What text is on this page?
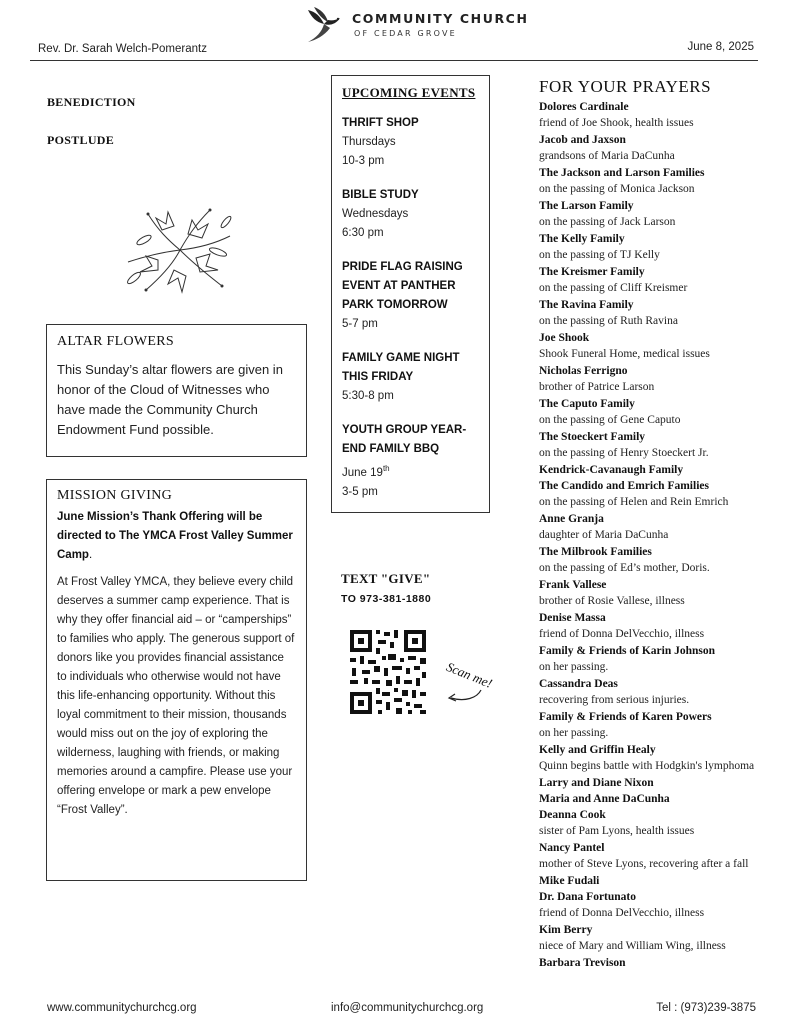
COMMUNITY CHURCH
OF CEDAR GROVE
Rev. Dr. Sarah Welch-Pomerantz	June 8, 2025
BENEDICTION
POSTLUDE
ALTAR FLOWERS
This Sunday’s altar flowers are given in honor of the Cloud of Witnesses who have made the Community Church Endowment Fund possible.
MISSION GIVING
June Mission’s Thank Offering will be directed to The YMCA Frost Valley Summer Camp.
At Frost Valley YMCA, they believe every child deserves a summer camp experience. That is why they offer financial aid – or “camperships” to families who apply. The generous support of donors like you provides financial assistance to individuals who otherwise would not have this life-enhancing opportunity. Without this loyal commitment to their mission, thousands would miss out on the joy of exploring the wilderness, laughing with friends, or making memories around a campfire. Please use your offering envelope or mark a pew envelope “Frost Valley”.
UPCOMING EVENTS
THRIFT SHOP
Thursdays
10-3 pm
BIBLE STUDY
Wednesdays
6:30 pm
PRIDE FLAG RAISING EVENT AT PANTHER PARK TOMORROW
5-7 pm
FAMILY GAME NIGHT THIS FRIDAY
5:30-8 pm
YOUTH GROUP YEAR-END FAMILY BBQ
June 19th
3-5 pm
TEXT "GIVE"
TO 973-381-1880
Scan me!
FOR YOUR PRAYERS
Dolores Cardinale
friend of Joe Shook, health issues
Jacob and Jaxson
grandsons of Maria DaCunha
The Jackson and Larson Families
on the passing of Monica Jackson
The Larson Family
on the passing of Jack Larson
The Kelly Family
on the passing of TJ Kelly
The Kreismer Family
on the passing of Cliff Kreismer
The Ravina Family
on the passing of Ruth Ravina
Joe Shook
Shook Funeral Home, medical issues
Nicholas Ferrigno
brother of Patrice Larson
The Caputo Family
on the passing of Gene Caputo
The Stoeckert Family
on the passing of Henry Stoeckert Jr.
Kendrick-Cavanaugh Family
The Candido and Emrich Families
on the passing of Helen and Rein Emrich
Anne Granja
daughter of Maria DaCunha
The Milbrook Families
on the passing of Ed’s mother, Doris.
Frank Vallese
brother of Rosie Vallese, illness
Denise Massa
friend of Donna DelVecchio, illness
Family & Friends of Karin Johnson
on her passing.
Cassandra Deas
recovering from serious injuries.
Family & Friends of Karen Powers
on her passing.
Kelly and Griffin Healy
Quinn begins battle with Hodgkin's lymphoma
Larry and Diane Nixon
Maria and Anne DaCunha
Deanna Cook
sister of Pam Lyons, health issues
Nancy Pantel
mother of Steve Lyons, recovering after a fall
Mike Fudali
Dr. Dana Fortunato
friend of Donna DelVecchio, illness
Kim Berry
niece of Mary and William Wing, illness
Barbara Trevison
www.communitychurchcg.org	info@communitychurchcg.org	Tel : (973)239-3875
